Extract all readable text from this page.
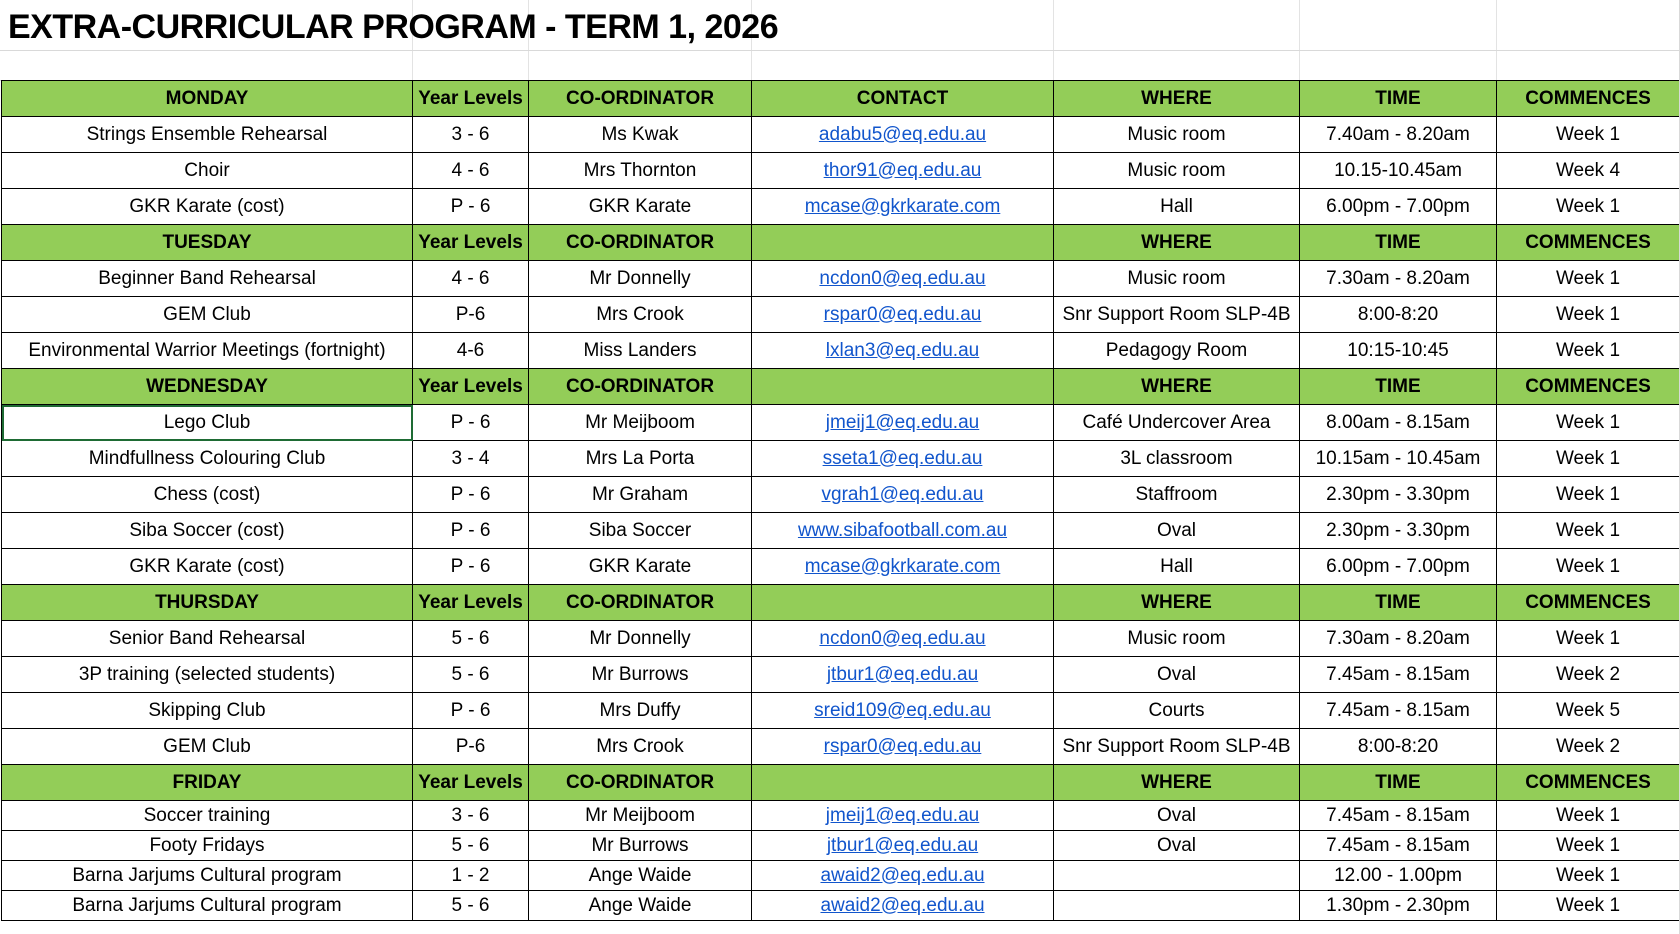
EXTRA-CURRICULAR PROGRAM - TERM 1, 2026
MONDAY	Year Levels	CO-ORDINATOR	CONTACT	WHERE	TIME	COMMENCES
Strings Ensemble Rehearsal	3 - 6	Ms Kwak	adabu5@eq.edu.au	Music room	7.40am - 8.20am	Week 1
Choir	4 - 6	Mrs Thornton	thor91@eq.edu.au	Music room	10.15-10.45am	Week 4
GKR Karate (cost)	P - 6	GKR Karate	mcase@gkrkarate.com	Hall	6.00pm - 7.00pm	Week 1
TUESDAY	Year Levels	CO-ORDINATOR		WHERE	TIME	COMMENCES
Beginner Band Rehearsal	4 - 6	Mr Donnelly	ncdon0@eq.edu.au	Music room	7.30am - 8.20am	Week 1
GEM Club	P-6	Mrs Crook	rspar0@eq.edu.au	Snr Support Room SLP-4B	8:00-8:20	Week 1
Environmental Warrior Meetings (fortnight)	4-6	Miss Landers	lxlan3@eq.edu.au	Pedagogy Room	10:15-10:45	Week 1
WEDNESDAY	Year Levels	CO-ORDINATOR		WHERE	TIME	COMMENCES
Lego Club	P - 6	Mr Meijboom	jmeij1@eq.edu.au	Café Undercover Area	8.00am - 8.15am	Week 1
Mindfullness Colouring Club	3 - 4	Mrs La Porta	sseta1@eq.edu.au	3L classroom	10.15am - 10.45am	Week 1
Chess (cost)	P - 6	Mr Graham	vgrah1@eq.edu.au	Staffroom	2.30pm - 3.30pm	Week 1
Siba Soccer (cost)	P - 6	Siba Soccer	www.sibafootball.com.au	Oval	2.30pm - 3.30pm	Week 1
GKR Karate (cost)	P - 6	GKR Karate	mcase@gkrkarate.com	Hall	6.00pm - 7.00pm	Week 1
THURSDAY	Year Levels	CO-ORDINATOR		WHERE	TIME	COMMENCES
Senior Band Rehearsal	5 - 6	Mr Donnelly	ncdon0@eq.edu.au	Music room	7.30am - 8.20am	Week 1
3P training (selected students)	5 - 6	Mr Burrows	jtbur1@eq.edu.au	Oval	7.45am - 8.15am	Week 2
Skipping Club	P - 6	Mrs Duffy	sreid109@eq.edu.au	Courts	7.45am - 8.15am	Week 5
GEM Club	P-6	Mrs Crook	rspar0@eq.edu.au	Snr Support Room SLP-4B	8:00-8:20	Week 2
FRIDAY	Year Levels	CO-ORDINATOR		WHERE	TIME	COMMENCES
Soccer training	3 - 6	Mr Meijboom	jmeij1@eq.edu.au	Oval	7.45am - 8.15am	Week 1
Footy Fridays	5 - 6	Mr Burrows	jtbur1@eq.edu.au	Oval	7.45am - 8.15am	Week 1
Barna Jarjums Cultural program	1 - 2	Ange Waide	awaid2@eq.edu.au		12.00 - 1.00pm	Week 1
Barna Jarjums Cultural program	5 - 6	Ange Waide	awaid2@eq.edu.au		1.30pm - 2.30pm	Week 1
